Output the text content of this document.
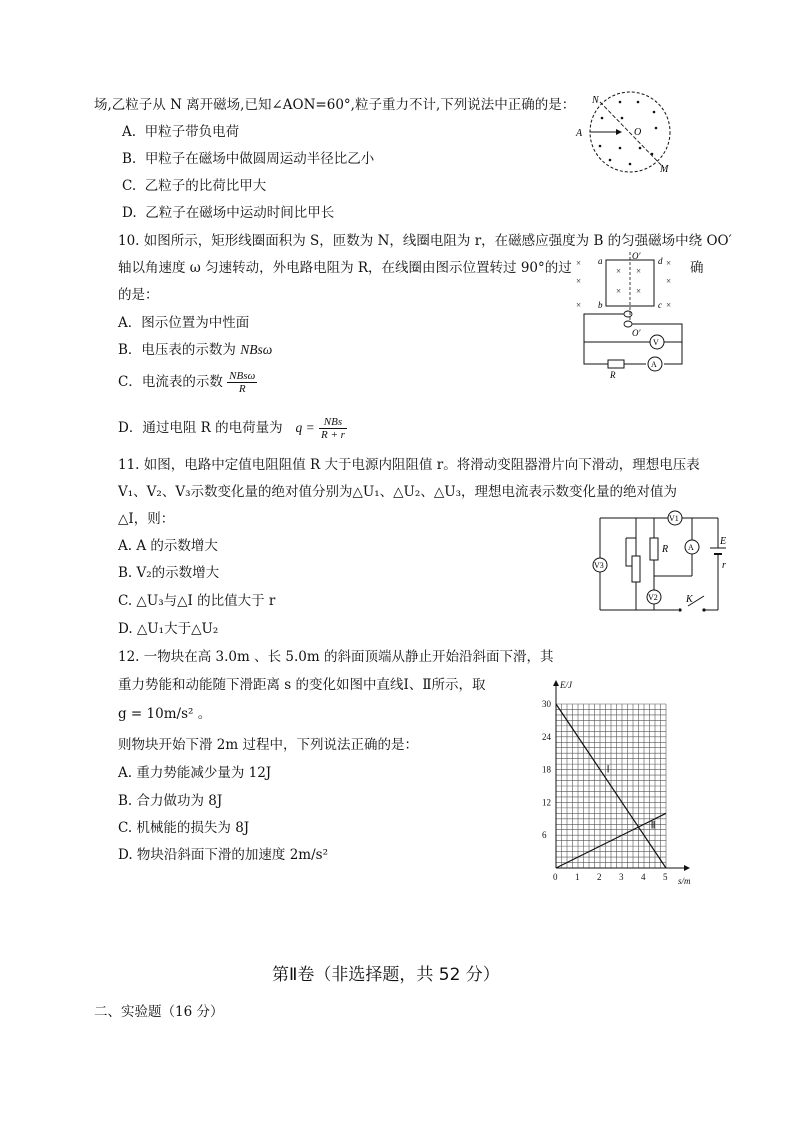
场,乙粒子从 N 离开磁场,已知∠AON=60°,粒子重力不计,下列说法中正确的是：
A. 甲粒子带负电荷
B. 甲粒子在磁场中做圆周运动半径比乙小
C. 乙粒子的比荷比甲大
D. 乙粒子在磁场中运动时间比甲长
N
A	O
M
10. 如图所示，矩形线圈面积为 S，匝数为 N，线圈电阻为 r，在磁感应强度为 B 的匀强磁场中绕 OO′
轴以角速度 ω 匀速转动，外电路电阻为 R，在线圈由图示位置转过 90°的过	确
的是：
A．图示位置为中性面
B．电压表的示数为 NBsω
C．电流表的示数 $\frac{\text{NBsω}}{R}$
D．通过电阻 R 的电荷量为 $q = \frac{\text{NBs}}{R + r}$
×
×
×
×
×
×
× ×
× ×
O′
a
b
d
c
O′
A
R
V
11. 如图，电路中定值电阻阻值 R 大于电源内阻阻值 r。将滑动变阻器滑片向下滑动，理想电压表
V₁、V₂、V₃示数变化量的绝对值分别为△U₁、△U₂、△U₃，理想电流表示数变化量的绝对值为
△I，则：
A. A 的示数增大
B. V₂的示数增大
C. △U₃与△I 的比值大于 r
D. △U₁大于△U₂
V1
V3
A
V2
R
E
r
K
12. 一物块在高 3.0m 、长 5.0m 的斜面顶端从静止开始沿斜面下滑，其
重力势能和动能随下滑距离 s 的变化如图中直线Ⅰ、Ⅱ所示，取
g = 10m/s² 。
则物块开始下滑 2m 过程中，下列说法正确的是：
A. 重力势能减少量为 12J
B. 合力做功为 8J
C. 机械能的损失为 8J
D. 物块沿斜面下滑的加速度 2m/s²
0 1 2 3 4 5
6
12
18
24
30
s/m
E/J
Ⅰ
Ⅱ
第Ⅱ卷（非选择题，共 52 分）
二、实验题（16 分）
